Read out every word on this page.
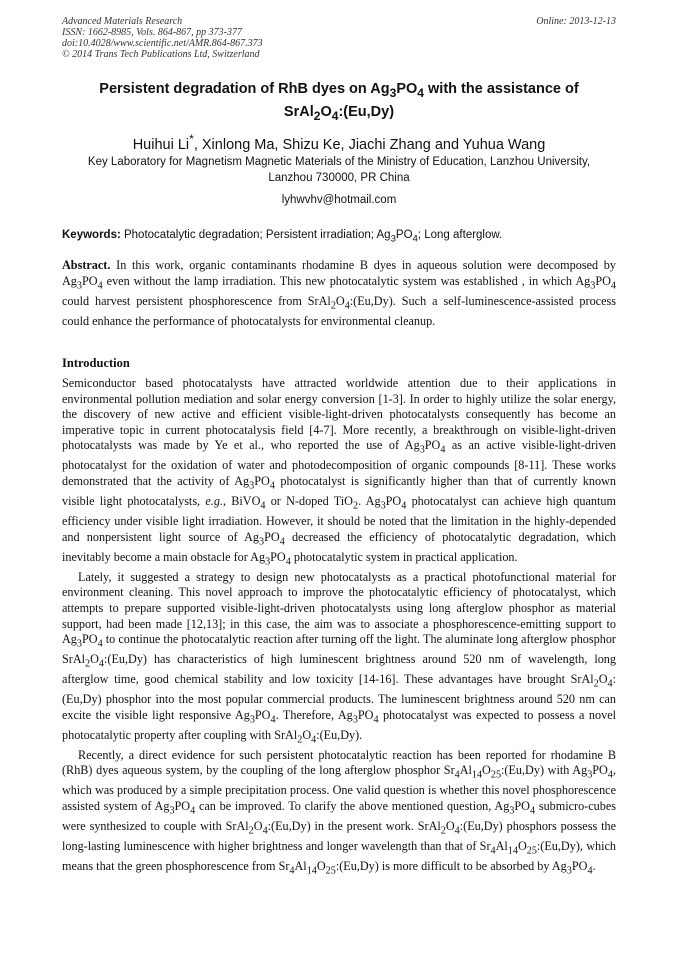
Advanced Materials Research
ISSN: 1662-8985, Vols. 864-867, pp 373-377
doi:10.4028/www.scientific.net/AMR.864-867.373
© 2014 Trans Tech Publications Ltd, Switzerland
Online: 2013-12-13
Persistent degradation of RhB dyes on $Ag_3PO_4$ with the assistance of
$SrAl_2O_4:(Eu,Dy)$
Huihui Li*, Xinlong Ma, Shizu Ke, Jiachi Zhang and Yuhua Wang
Key Laboratory for Magnetism Magnetic Materials of the Ministry of Education, Lanzhou University,
Lanzhou 730000, PR China
lyhwvhv@hotmail.com
Keywords: Photocatalytic degradation; Persistent irradiation; $Ag_3PO_4$; Long afterglow.
Abstract. In this work, organic contaminants rhodamine B dyes in aqueous solution were decomposed by $Ag_3PO_4$ even without the lamp irradiation. This new photocatalytic system was established , in which $Ag_3PO_4$ could harvest persistent phosphorescence from $SrAl_2O_4:(Eu,Dy)$. Such a self-luminescence-assisted process could enhance the performance of photocatalysts for environmental cleanup.
Introduction

Semiconductor based photocatalysts have attracted worldwide attention due to their applications in environmental pollution mediation and solar energy conversion [1-3]. In order to highly utilize the solar energy, the discovery of new active and efficient visible-light-driven photocatalysts consequently has become an imperative topic in current photocatalysis field [4-7]. More recently, a breakthrough on visible-light-driven photocatalysts was made by Ye et al., who reported the use of $Ag_3PO_4$ as an active visible-light-driven photocatalyst for the oxidation of water and photodecomposition of organic compounds [8-11]. These works demonstrated that the activity of $Ag_3PO_4$ photocatalyst is significantly higher than that of currently known visible light photocatalysts, e.g., BiVO$_4$ or N-doped TiO$_2$. $Ag_3PO_4$ photocatalyst can achieve high quantum efficiency under visible light irradiation. However, it should be noted that the limitation in the highly-depended and nonpersistent light source of $Ag_3PO_4$ decreased the efficiency of photocatalytic degradation, which inevitably become a main obstacle for $Ag_3PO_4$ photocatalytic system in practical application.

Lately, it suggested a strategy to design new photocatalysts as a practical photofunctional material for environment cleaning. This novel approach to improve the photocatalytic efficiency of photocatalyst, which attempts to prepare supported visible-light-driven photocatalysts using long afterglow phosphor as material support, had been made [12,13]; in this case, the aim was to associate a phosphorescence-emitting support to $Ag_3PO_4$ to continue the photocatalytic reaction after turning off the light. The aluminate long afterglow phosphor $SrAl_2O_4:(Eu,Dy)$ has characteristics of high luminescent brightness around 520 nm of wavelength, long afterglow time, good chemical stability and low toxicity [14-16]. These advantages have brought $SrAl_2O_4:(Eu,Dy)$ phosphor into the most popular commercial products. The luminescent brightness around 520 nm can excite the visible light responsive $Ag_3PO_4$. Therefore, $Ag_3PO_4$ photocatalyst was expected to possess a novel photocatalytic property after coupling with $SrAl_2O_4:(Eu,Dy)$.

Recently, a direct evidence for such persistent photocatalytic reaction has been reported for rhodamine B (RhB) dyes aqueous system, by the coupling of the long afterglow phosphor $Sr_4Al_{14}O_{25}:(Eu,Dy)$ with $Ag_3PO_4$, which was produced by a simple precipitation process. One valid question is whether this novel phosphorescence assisted system of $Ag_3PO_4$ can be improved. To clarify the above mentioned question, $Ag_3PO_4$ submicro-cubes were synthesized to couple with $SrAl_2O_4:(Eu,Dy)$ in the present work. $SrAl_2O_4:(Eu,Dy)$ phosphors possess the long-lasting luminescence with higher brightness and longer wavelength than that of $Sr_4Al_{14}O_{25}:(Eu,Dy)$, which means that the green phosphorescence from $Sr_4Al_{14}O_{25}:(Eu,Dy)$ is more difficult to be absorbed by $Ag_3PO_4$.
